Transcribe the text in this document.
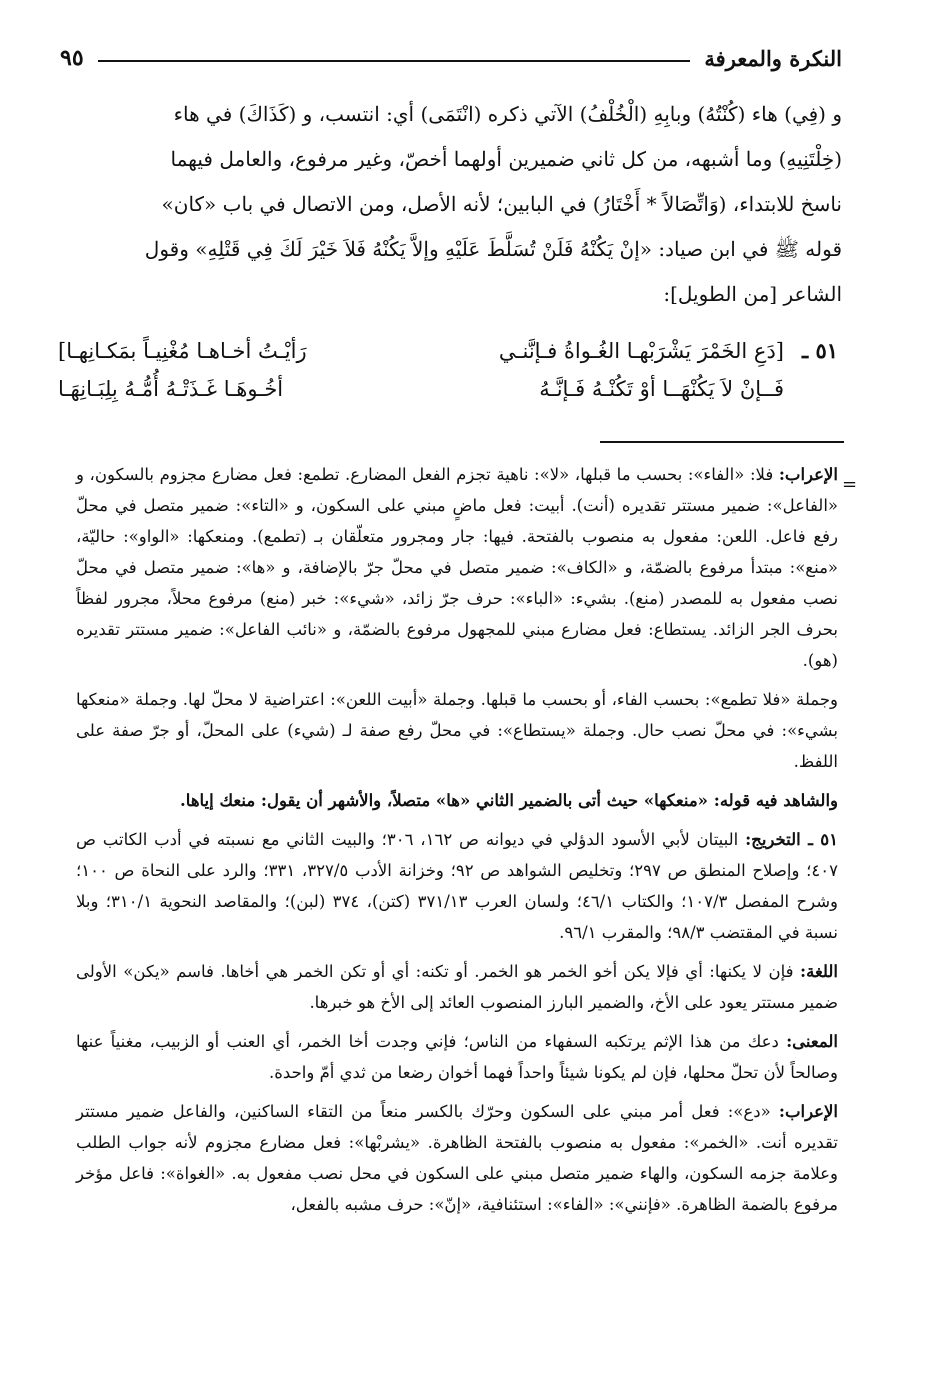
النكرة والمعرفة
٩٥
و (فِي) هاء (كُنْتُهُ) وبابِهِ (الْخُلْفُ) الآتي ذكره (انْتَمَى) أي: انتسب، و (كَذَاكَ) في هاء
(خِلْتَنِيهِ) وما أشبهه، من كل ثاني ضميرين أولهما أخصّ، وغير مرفوع، والعامل فيهما
ناسخ للابتداء، (وَاتِّصَالاً * أَخْتَارُ) في البابين؛ لأنه الأصل، ومن الاتصال في باب «كان»
قوله ﷺ في ابن صياد: «إنْ يَكُنْهُ فَلَنْ تُسَلَّطَ عَلَيْهِ وإلاَّ يَكُنْهُ فَلاَ خَيْرَ لَكَ فِي قَتْلِهِ» وقول
الشاعر [من الطويل]:
٥١ ـ
[دَعِ الخَمْرَ يَشْرَبْهـا الغُـواةُ فـإنَّنـي
رَأيْـتُ أخـاهـا مُغْنِيـاً بمَكـانِهـا]
فَــإنْ لاَ يَكُنْهَــا أوْ تَكُنْـهُ فَـإنَّـهُ
أخُـوهَـا غَـذَتْـهُ أُمُّـهُ بِلِبَـانِهَـا
=

الإعراب: فلا: «الفاء»: بحسب ما قبلها، «لا»: ناهية تجزم الفعل المضارع. تطمع: فعل مضارع مجزوم بالسكون، و «الفاعل»: ضمير مستتر تقديره (أنت). أبيت: فعل ماضٍ مبني على السكون، و «التاء»: ضمير متصل في محلّ رفع فاعل. اللعن: مفعول به منصوب بالفتحة. فيها: جار ومجرور متعلّقان بـ (تطمع). ومنعكها: «الواو»: حاليّة، «منع»: مبتدأ مرفوع بالضمّة، و «الكاف»: ضمير متصل في محلّ جرّ بالإضافة، و «ها»: ضمير متصل في محلّ نصب مفعول به للمصدر (منع). بشيء: «الباء»: حرف جرّ زائد، «شيء»: خبر (منع) مرفوع محلاً، مجرور لفظاً بحرف الجر الزائد. يستطاع: فعل مضارع مبني للمجهول مرفوع بالضمّة، و «نائب الفاعل»: ضمير مستتر تقديره (هو).

وجملة «فلا تطمع»: بحسب الفاء، أو بحسب ما قبلها. وجملة «أبيت اللعن»: اعتراضية لا محلّ لها. وجملة «منعكها بشيء»: في محلّ نصب حال. وجملة «يستطاع»: في محلّ رفع صفة لـ (شيء) على المحلّ، أو جرّ صفة على اللفظ.

والشاهد فيه قوله: «منعكها» حيث أتى بالضمير الثاني «ها» متصلاً، والأشهر أن يقول: منعك إياها.

٥١ ـ التخريج: البيتان لأبي الأسود الدؤلي في ديوانه ص ١٦٢، ٣٠٦؛ والبيت الثاني مع نسبته في أدب الكاتب ص ٤٠٧؛ وإصلاح المنطق ص ٢٩٧؛ وتخليص الشواهد ص ٩٢؛ وخزانة الأدب ٣٢٧/٥، ٣٣١؛ والرد على النحاة ص ١٠٠؛ وشرح المفصل ١٠٧/٣؛ والكتاب ٤٦/١؛ ولسان العرب ٣٧١/١٣ (كتن)، ٣٧٤ (لبن)؛ والمقاصد النحوية ٣١٠/١؛ وبلا نسبة في المقتضب ٩٨/٣؛ والمقرب ٩٦/١.

اللغة: فإن لا يكنها: أي فإلا يكن أخو الخمر هو الخمر. أو تكنه: أي أو تكن الخمر هي أخاها. فاسم «يكن» الأولى ضمير مستتر يعود على الأخ، والضمير البارز المنصوب العائد إلى الأخ هو خبرها.

المعنى: دعك من هذا الإثم يرتكبه السفهاء من الناس؛ فإني وجدت أخا الخمر، أي العنب أو الزبيب، مغنياً عنها وصالحاً لأن تحلّ محلها، فإن لم يكونا شيئاً واحداً فهما أخوان رضعا من ثدي أمّ واحدة.

الإعراب: «دع»: فعل أمر مبني على السكون وحرّك بالكسر منعاً من التقاء الساكنين، والفاعل ضمير مستتر تقديره أنت. «الخمر»: مفعول به منصوب بالفتحة الظاهرة. «يشربْها»: فعل مضارع مجزوم لأنه جواب الطلب وعلامة جزمه السكون، والهاء ضمير متصل مبني على السكون في محل نصب مفعول به. «الغواة»: فاعل مؤخر مرفوع بالضمة الظاهرة. «فإنني»: «الفاء»: استئنافية، «إنّ»: حرف مشبه بالفعل،
